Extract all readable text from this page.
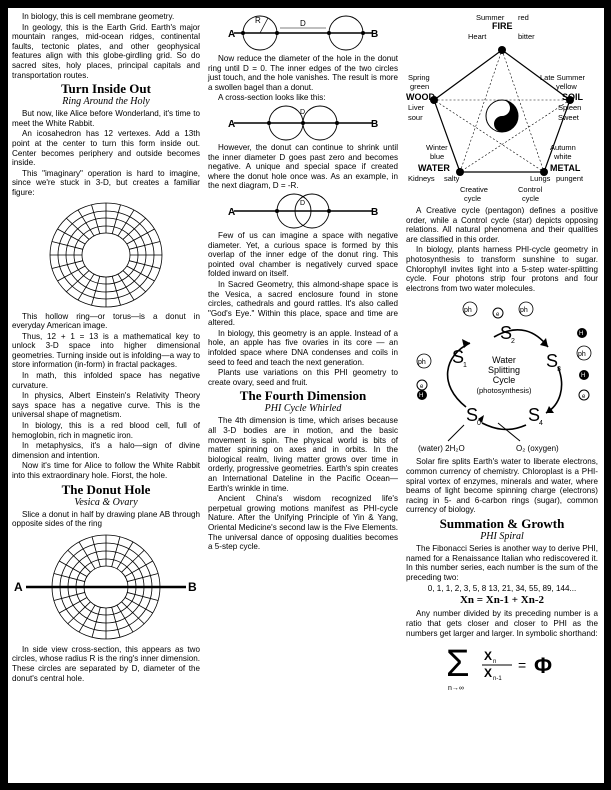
In biology, this is cell membrane geometry.

In geology, this is the Earth Grid. Earth's major mountain ranges, mid-ocean ridges, continental faults, tectonic plates, and other geophysical features align with this globe-girdling grid. So do sacred sites, holy places, principal capitals and transportation routes.

Turn Inside Out
Ring Around the Holy

But now, like Alice before Wonderland, it's time to meet the White Rabbit.

An icosahedron has 12 vertexes. Add a 13th point at the center to turn this form inside out. Center becomes periphery and outside becomes inside.

This "imaginary" operation is hard to imagine, since we're stuck in 3-D, but creates a familiar figure:

This hollow ring—or torus—is a donut in everyday American image.

Thus, 12 + 1 = 13 is a mathematical key to unlock 3-D space into higher dimensional geometries. Turning inside out is infolding—a way to store information (in-form) in fractal packages.

In math, this infolded space has negative curvature.

In physics, Albert Einstein's Relativity Theory says space has a negative curve. This is the universal shape of magnetism.

In biology, this is a red blood cell, full of hemoglobin, rich in magnetic iron.

In metaphysics, it's a halo—sign of divine dimension and intention.

Now it's time for Alice to follow the White Rabbit into this extraordinary hole. Fiorst, the hole.

The Donut Hole
Vesica & Ovary

Slice a donut in half by drawing plane AB through opposite sides of the ring

A	B

In side view cross-section, this appears as two circles, whose radius R is the ring's inner dimension. These circles are separated by D, diameter of the donut's central hole.

A	B
R	D

Now reduce the diameter of the hole in the donut ring until D = 0. The inner edges of the two circles just touch, and the hole vanishes. The result is more a swollen bagel than a donut.

A cross-section looks like this:

A	B
D

However, the donut can continue to shrink until the inner diameter D goes past zero and becomes negative. A unique and special space if created where the donut hole once was. As an example, in the next diagram, D = -R.

A	B
D

Few of us can imagine a space with negative diameter. Yet, a curious space is formed by this overlap of the inner edge of the donut ring. This pointed oval chamber is negatively curved space folded inward on itself.

In Sacred Geometry, this almond-shape space is the Vesica, a sacred enclosure found in stone circles, cathedrals and gourd rattles. It's also called "God's Eye." Within this place, space and time are altered.

In biology, this geometry is an apple. Instead of a hole, an apple has five ovaries in its core — an infolded space where DNA condenses and coils in seed to feed and teach the next generation.

Plants use variations on this PHI geometry to create ovary, seed and fruit.

The Fourth Dimension
PHI Cycle Whirled

The 4th dimension is time, which arises because all 3-D bodies are in motion, and the basic movement is spin. The physical world is bits of matter spinning on axes and in orbits. In the biological realm, living matter grows over time in orderly, progressive geometries. Earth's spin creates an International Dateline in the Pacific Ocean—Earth's wrinkle in time.

Ancient China's wisdom recognized life's perpetual growing motions manifest as PHI-cycle Nature. After the Unifying Principle of Yin & Yang, Oriental Medicine's second law is the Five Elements. The universal dance of opposing dualities becomes a 5-step cycle.

Summer red
FIRE
Heart	bitter
Spring
green
WOOD
Liver
sour
Late Summer
yellow
SOIL
Spleen
Sweet
Winter
blue
WATER
Kidneys salty
Autumn
white
METAL
Lungs pungent
Creative
cycle
Control
cycle

A Creative cycle (pentagon) defines a positive order, while a Control cycle (star) depicts opposing relations. All natural phenomena and their qualities are classified in this order.

In biology, plants harness PHI-cycle geometry in photosynthesis to transform sunshine to sugar. Chlorophyll invites light into a 5-step water-splitting cycle. Four photons strip four protons and four electrons from two water molecules.

ph
ph	ph
ph
e
e
e
H
H
H
S
S
S
S
S
1
2
3
4
0
Water
Splitting
Cycle
(photosynthesis)
(water) 2H₂O	O₂ (oxygen)

Solar fire splits Earth's water to liberate electrons, common currency of chemistry. Chloroplast is a PHI-spiral vortex of enzymes, minerals and water, where beams of light become spinning charge (electrons) racing in 5- and 6-carbon rings (sugar), common currency of biology.

Summation & Growth
PHI Spiral

The Fibonacci Series is another way to derive PHI, named for a Renaissance Italian who rediscovered it. In this number series, each number is the sum of the preceding two:

0, 1, 1, 2, 3, 5, 8 13, 21, 34, 55, 89, 144...
Xn = Xn-1 + Xn-2

Any number divided by its preceding number is a ratio that gets closer and closer to PHI as the numbers get larger and larger. In symbolic shorthand:

Σ X n
X n-1
= Φ
n→∞
